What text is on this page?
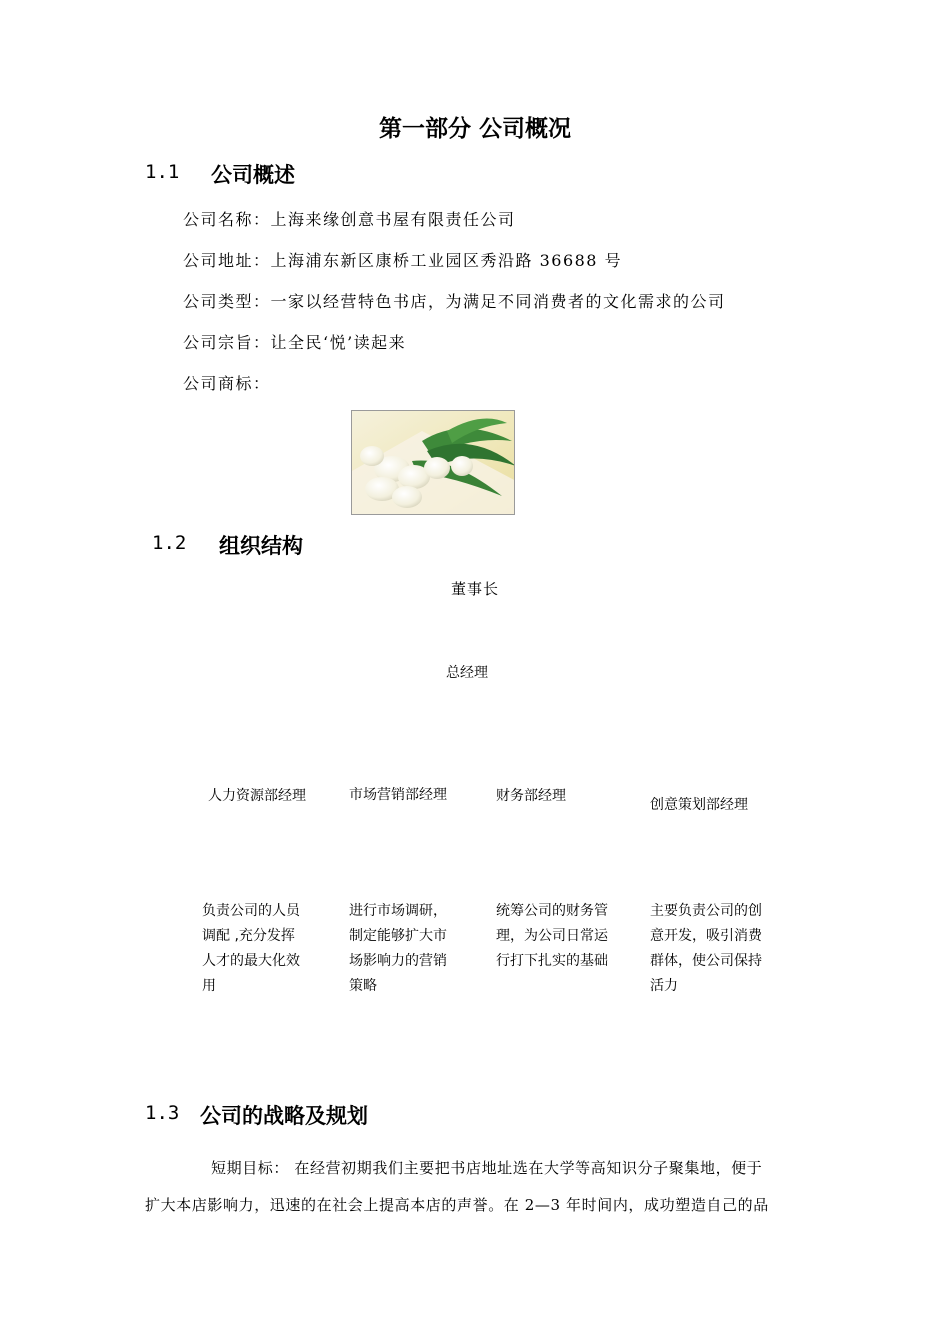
第一部分 公司概况
1.1 公司概述
公司名称：上海来缘创意书屋有限责任公司
公司地址：上海浦东新区康桥工业园区秀沿路 36688 号
公司类型：一家以经营特色书店，为满足不同消费者的文化需求的公司
公司宗旨：让全民‘悦’读起来
公司商标：
1.2 组织结构
董事长
总经理
人力资源部经理	市场营销部经理	财务部经理
创意策划部经理
负责公司的人员调配 ,充分发挥人才的最大化效用
进行市场调研，制定能够扩大市场影响力的营销策略
统筹公司的财务管理，为公司日常运行打下扎实的基础
主要负责公司的创意开发，吸引消费群体，使公司保持活力
1.3 公司的战略及规划
短期目标： 在经营初期我们主要把书店地址选在大学等高知识分子聚集地，便于
扩大本店影响力，迅速的在社会上提高本店的声誉。在 2—3 年时间内，成功塑造自己的品
